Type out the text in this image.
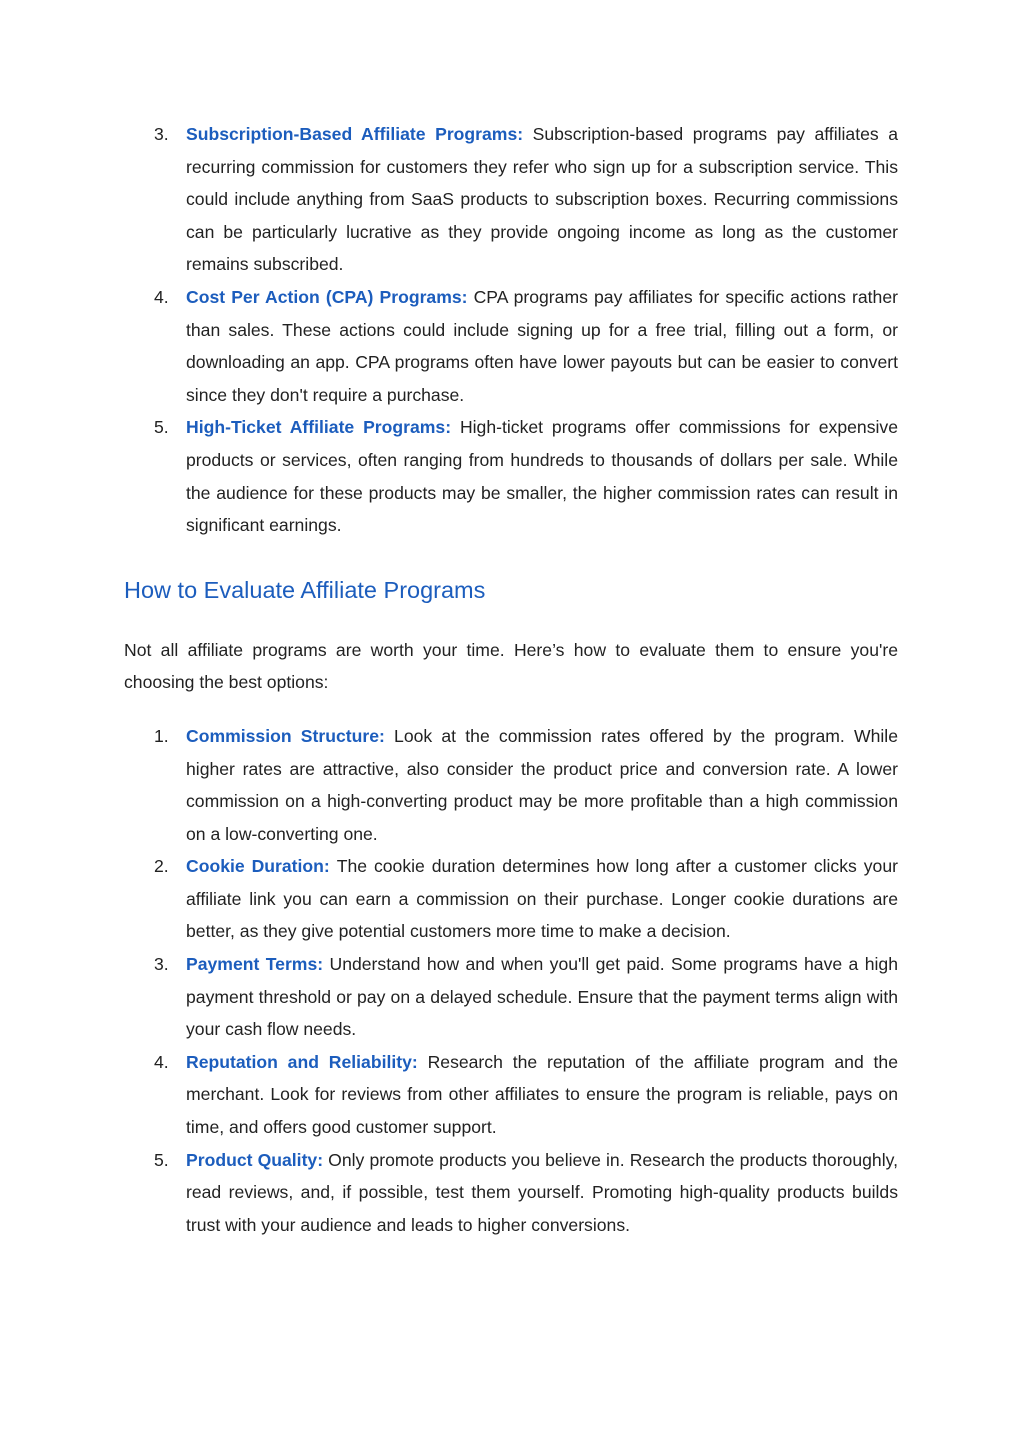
3. Subscription-Based Affiliate Programs: Subscription-based programs pay affiliates a recurring commission for customers they refer who sign up for a subscription service. This could include anything from SaaS products to subscription boxes. Recurring commissions can be particularly lucrative as they provide ongoing income as long as the customer remains subscribed.
4. Cost Per Action (CPA) Programs: CPA programs pay affiliates for specific actions rather than sales. These actions could include signing up for a free trial, filling out a form, or downloading an app. CPA programs often have lower payouts but can be easier to convert since they don't require a purchase.
5. High-Ticket Affiliate Programs: High-ticket programs offer commissions for expensive products or services, often ranging from hundreds to thousands of dollars per sale. While the audience for these products may be smaller, the higher commission rates can result in significant earnings.
How to Evaluate Affiliate Programs

Not all affiliate programs are worth your time. Here’s how to evaluate them to ensure you're choosing the best options:

1. Commission Structure: Look at the commission rates offered by the program. While higher rates are attractive, also consider the product price and conversion rate. A lower commission on a high-converting product may be more profitable than a high commission on a low-converting one.
2. Cookie Duration: The cookie duration determines how long after a customer clicks your affiliate link you can earn a commission on their purchase. Longer cookie durations are better, as they give potential customers more time to make a decision.
3. Payment Terms: Understand how and when you'll get paid. Some programs have a high payment threshold or pay on a delayed schedule. Ensure that the payment terms align with your cash flow needs.
4. Reputation and Reliability: Research the reputation of the affiliate program and the merchant. Look for reviews from other affiliates to ensure the program is reliable, pays on time, and offers good customer support.
5. Product Quality: Only promote products you believe in. Research the products thoroughly, read reviews, and, if possible, test them yourself. Promoting high-quality products builds trust with your audience and leads to higher conversions.
